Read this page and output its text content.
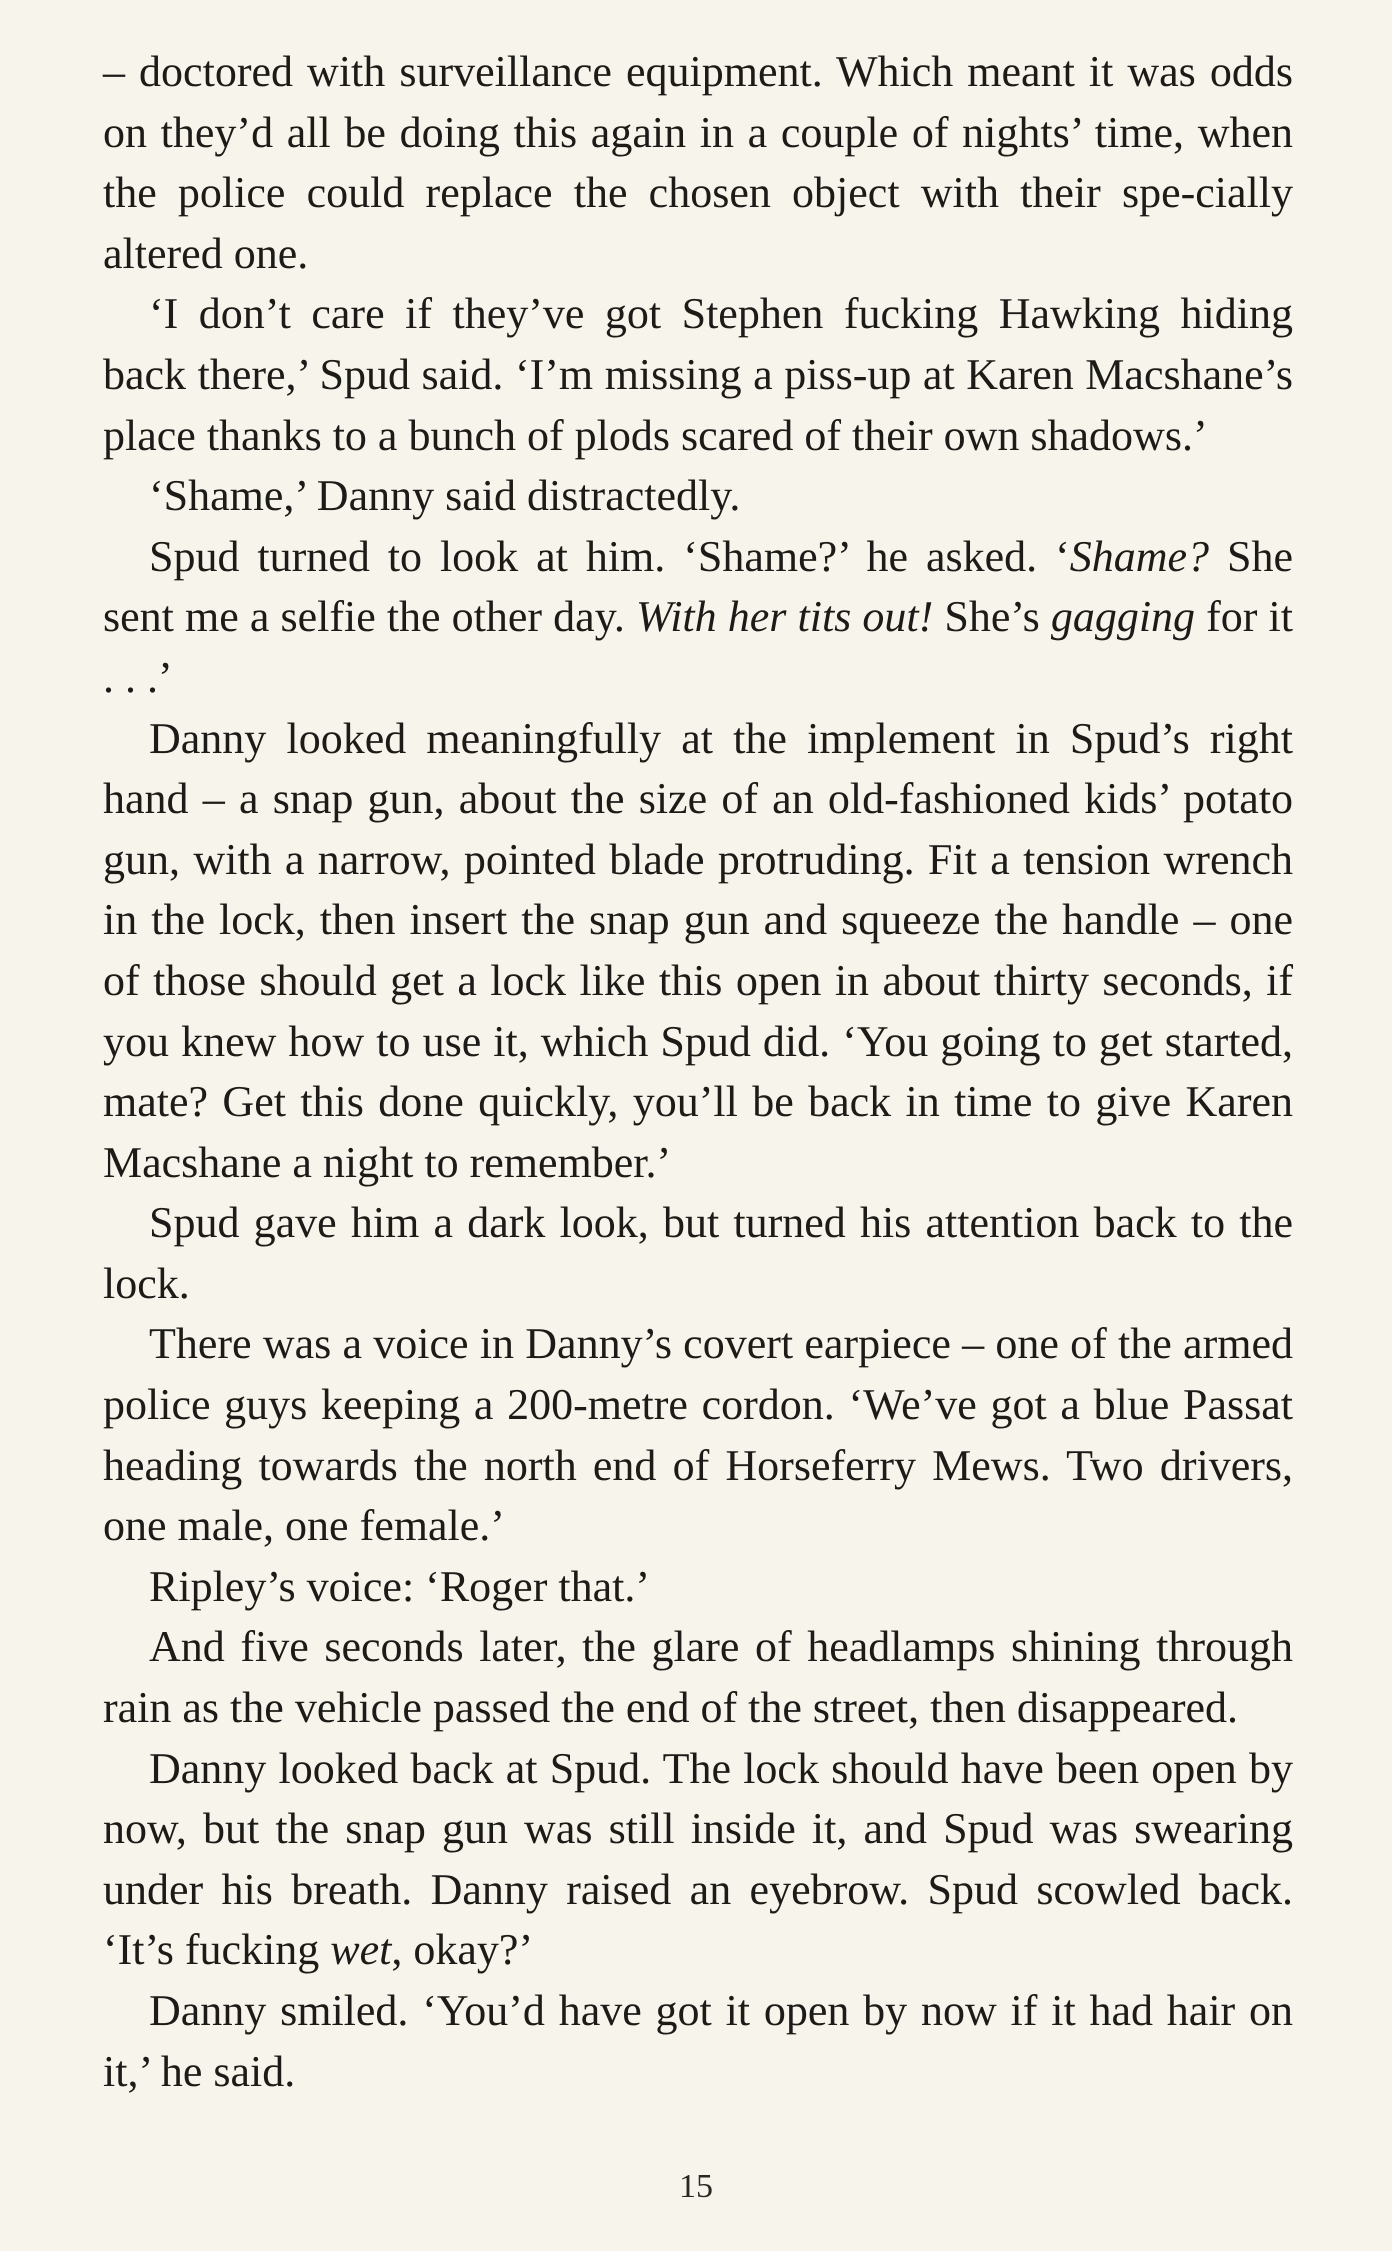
– doctored with surveillance equipment. Which meant it was odds on they’d all be doing this again in a couple of nights’ time, when the police could replace the chosen object with their spe-cially altered one.

‘I don’t care if they’ve got Stephen fucking Hawking hiding back there,’ Spud said. ‘I’m missing a piss-up at Karen Macshane’s place thanks to a bunch of plods scared of their own shadows.’

‘Shame,’ Danny said distractedly.

Spud turned to look at him. ‘Shame?’ he asked. ‘Shame? She sent me a selfie the other day. With her tits out! She’s gagging for it . . .’

Danny looked meaningfully at the implement in Spud’s right hand – a snap gun, about the size of an old-fashioned kids’ potato gun, with a narrow, pointed blade protruding. Fit a tension wrench in the lock, then insert the snap gun and squeeze the handle – one of those should get a lock like this open in about thirty seconds, if you knew how to use it, which Spud did. ‘You going to get started, mate? Get this done quickly, you’ll be back in time to give Karen Macshane a night to remember.’

Spud gave him a dark look, but turned his attention back to the lock.

There was a voice in Danny’s covert earpiece – one of the armed police guys keeping a 200-metre cordon. ‘We’ve got a blue Passat heading towards the north end of Horseferry Mews. Two drivers, one male, one female.’

Ripley’s voice: ‘Roger that.’

And five seconds later, the glare of headlamps shining through rain as the vehicle passed the end of the street, then disappeared.

Danny looked back at Spud. The lock should have been open by now, but the snap gun was still inside it, and Spud was swearing under his breath. Danny raised an eyebrow. Spud scowled back. ‘It’s fucking wet, okay?’

Danny smiled. ‘You’d have got it open by now if it had hair on it,’ he said.

15
